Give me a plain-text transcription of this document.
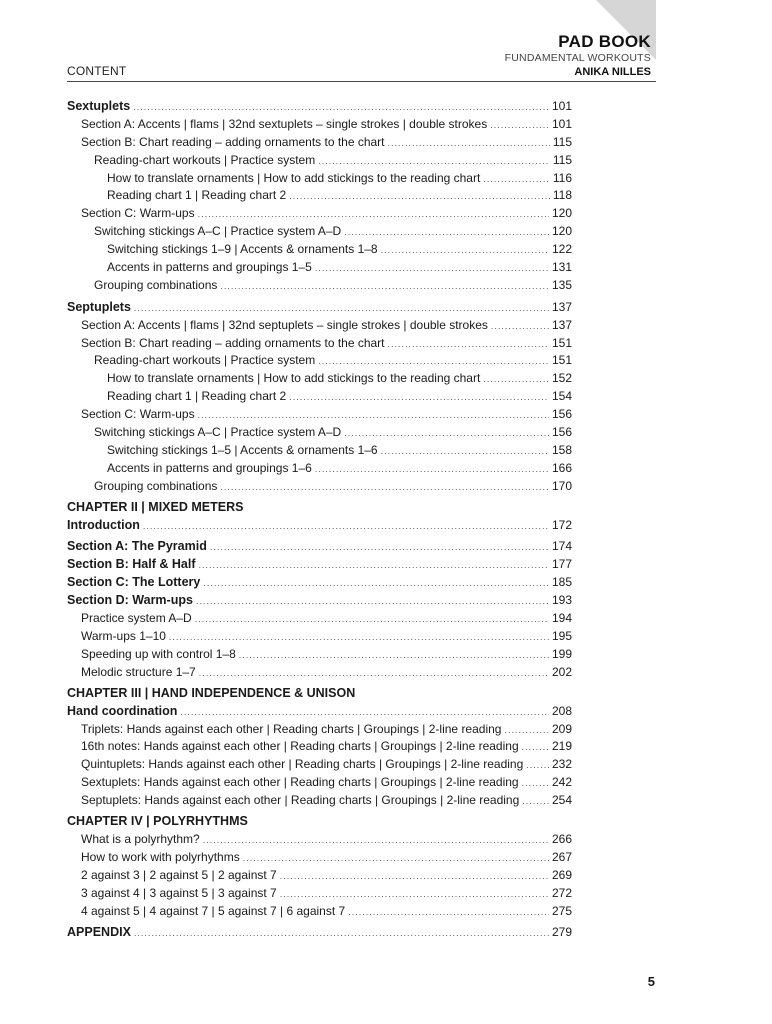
PAD BOOK
FUNDAMENTAL WORKOUTS
ANIKA NILLES
CONTENT
Sextuplets .....	101
Section A: Accents | flams | 32nd sextuplets – single strokes | double strokes .....	101
Section B: Chart reading – adding ornaments to the chart .....	115
Reading-chart workouts | Practice system .....	115
How to translate ornaments | How to add stickings to the reading chart .....	116
Reading chart 1 | Reading chart 2 .....	118
Section C: Warm-ups .....	120
Switching stickings A–C | Practice system A–D .....	120
Switching stickings 1–9 | Accents & ornaments 1–8 .....	122
Accents in patterns and groupings 1–5 .....	131
Grouping combinations .....	135
Septuplets .....	137
Section A: Accents | flams | 32nd septuplets – single strokes | double strokes .....	137
Section B: Chart reading – adding ornaments to the chart .....	151
Reading-chart workouts | Practice system .....	151
How to translate ornaments | How to add stickings to the reading chart .....	152
Reading chart 1 | Reading chart 2 .....	154
Section C: Warm-ups .....	156
Switching stickings A–C | Practice system A–D .....	156
Switching stickings 1–5 | Accents & ornaments 1–6 .....	158
Accents in patterns and groupings 1–6 .....	166
Grouping combinations .....	170
CHAPTER II | MIXED METERS
Introduction .....	172
Section A: The Pyramid .....	174
Section B: Half & Half .....	177
Section C: The Lottery .....	185
Section D: Warm-ups .....	193
Practice system A–D .....	194
Warm-ups 1–10 .....	195
Speeding up with control 1–8 .....	199
Melodic structure 1–7 .....	202
CHAPTER III | HAND INDEPENDENCE & UNISON
Hand coordination .....	208
Triplets: Hands against each other | Reading charts | Groupings | 2-line reading .....	209
16th notes: Hands against each other | Reading charts | Groupings | 2-line reading .....	219
Quintuplets: Hands against each other | Reading charts | Groupings | 2-line reading ..... 232
Sextuplets: Hands against each other | Reading charts | Groupings | 2-line reading .....	242
Septuplets: Hands against each other | Reading charts | Groupings | 2-line reading .....	254
CHAPTER IV | POLYRHYTHMS
What is a polyrhythm? .....	266
How to work with polyrhythms .....	267
2 against 3 | 2 against 5 | 2 against 7 .....	269
3 against 4 | 3 against 5 | 3 against 7 .....	272
4 against 5 | 4 against 7 | 5 against 7 | 6 against 7 .....	275
APPENDIX .....	279
5
